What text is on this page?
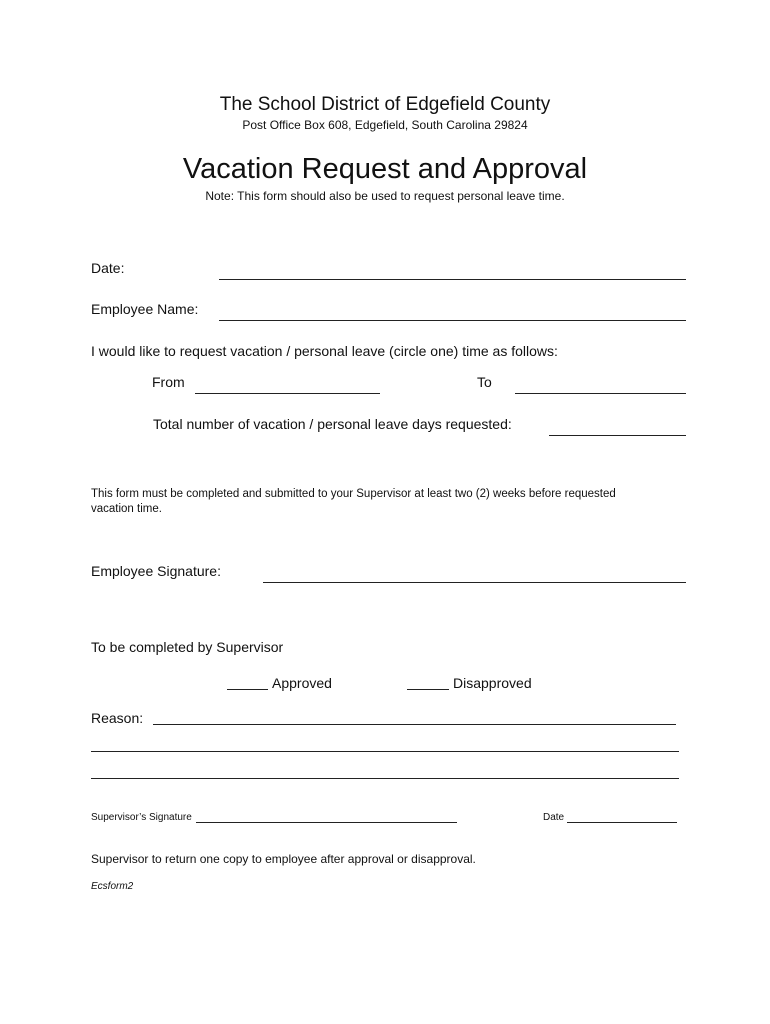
The School District of Edgefield County
Post Office Box 608, Edgefield, South Carolina 29824
Vacation Request and Approval
Note: This form should also be used to request personal leave time.
Date:
Employee Name:
I would like to request vacation / personal leave (circle one) time as follows:
From	To
Total number of vacation / personal leave days requested:
This form must be completed and submitted to your Supervisor at least two (2) weeks before requested
vacation time.
Employee Signature:
To be completed by Supervisor
Approved	Disapproved
Reason:
Supervisor’s Signature	Date
Supervisor to return one copy to employee after approval or disapproval.
Ecsform2
